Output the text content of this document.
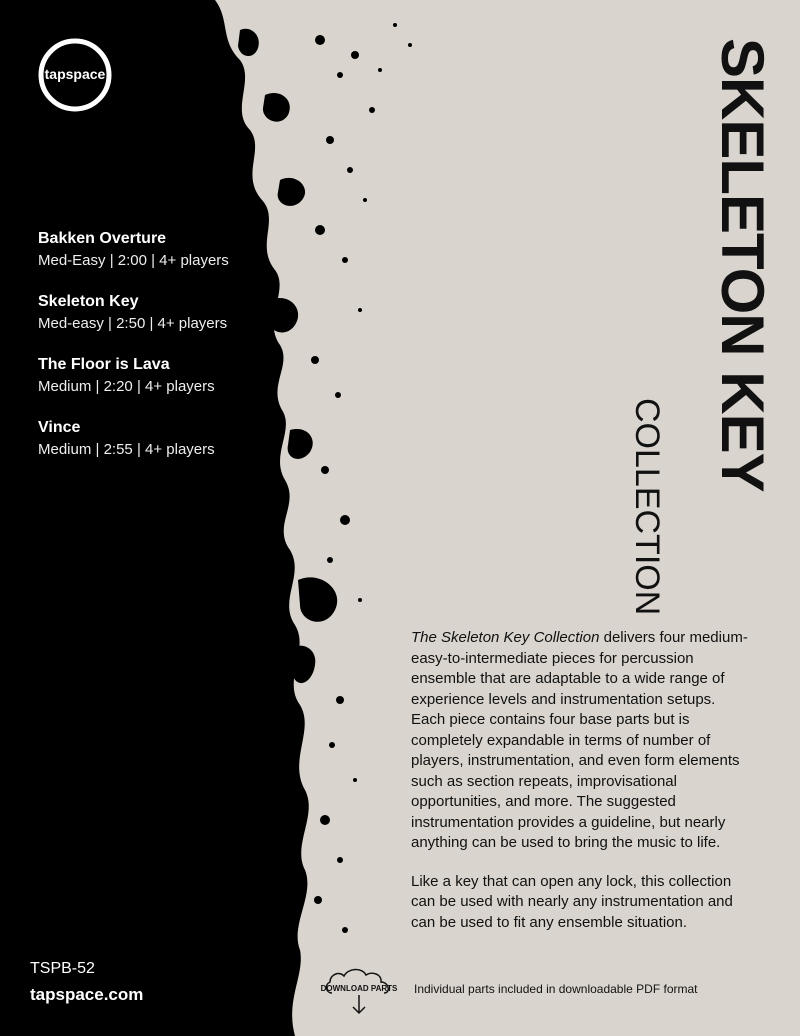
tapspace
Bakken Overture
Med-Easy | 2:00 | 4+ players
Skeleton Key
Med-easy | 2:50 | 4+ players
The Floor is Lava
Medium | 2:20 | 4+ players
Vince
Medium | 2:55 | 4+ players
TSPB-52
tapspace.com
SKELETON KEY
COLLECTION

The Skeleton Key Collection delivers four medium-easy-to-intermediate pieces for percussion ensemble that are adaptable to a wide range of experience levels and instrumentation setups. Each piece contains four base parts but is completely expandable in terms of number of players, instrumentation, and even form elements such as section repeats, improvisational opportunities, and more. The suggested instrumentation provides a guideline, but nearly anything can be used to bring the music to life.

Like a key that can open any lock, this collection can be used with nearly any instrumentation and can be used to fit any ensemble situation.

DOWNLOAD PARTS Individual parts included in downloadable PDF format
